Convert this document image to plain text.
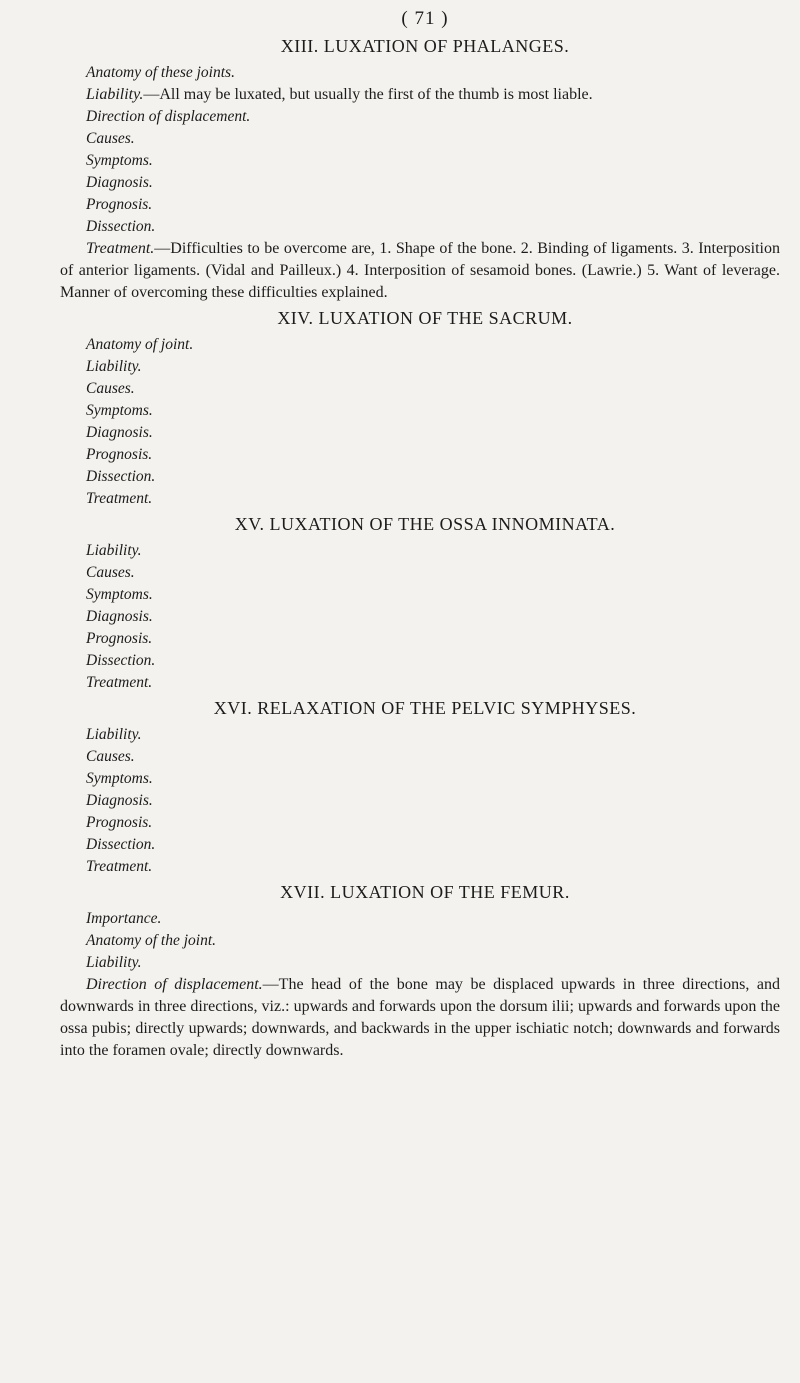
( 71 )
XIII. LUXATION OF PHALANGES.

Anatomy of these joints.

Liability.—All may be luxated, but usually the first of the thumb is most liable.

Direction of displacement.

Causes.

Symptoms.

Diagnosis.

Prognosis.

Dissection.

Treatment.—Difficulties to be overcome are, 1. Shape of the bone. 2. Binding of ligaments. 3. Interposition of anterior ligaments. (Vidal and Pailleux.) 4. Interposition of sesamoid bones. (Lawrie.) 5. Want of leverage. Manner of overcoming these difficulties explained.

XIV. LUXATION OF THE SACRUM.

Anatomy of joint.

Liability.

Causes.

Symptoms.

Diagnosis.

Prognosis.

Dissection.

Treatment.

XV. LUXATION OF THE OSSA INNOMINATA.

Liability.

Causes.

Symptoms.

Diagnosis.

Prognosis.

Dissection.

Treatment.

XVI. RELAXATION OF THE PELVIC SYMPHYSES.

Liability.

Causes.

Symptoms.

Diagnosis.

Prognosis.

Dissection.

Treatment.

XVII. LUXATION OF THE FEMUR.

Importance.

Anatomy of the joint.

Liability.

Direction of displacement.—The head of the bone may be displaced upwards in three directions, and downwards in three directions, viz.: upwards and forwards upon the dorsum ilii; upwards and forwards upon the ossa pubis; directly upwards; downwards, and backwards in the upper ischiatic notch; downwards and forwards into the foramen ovale; directly downwards.
